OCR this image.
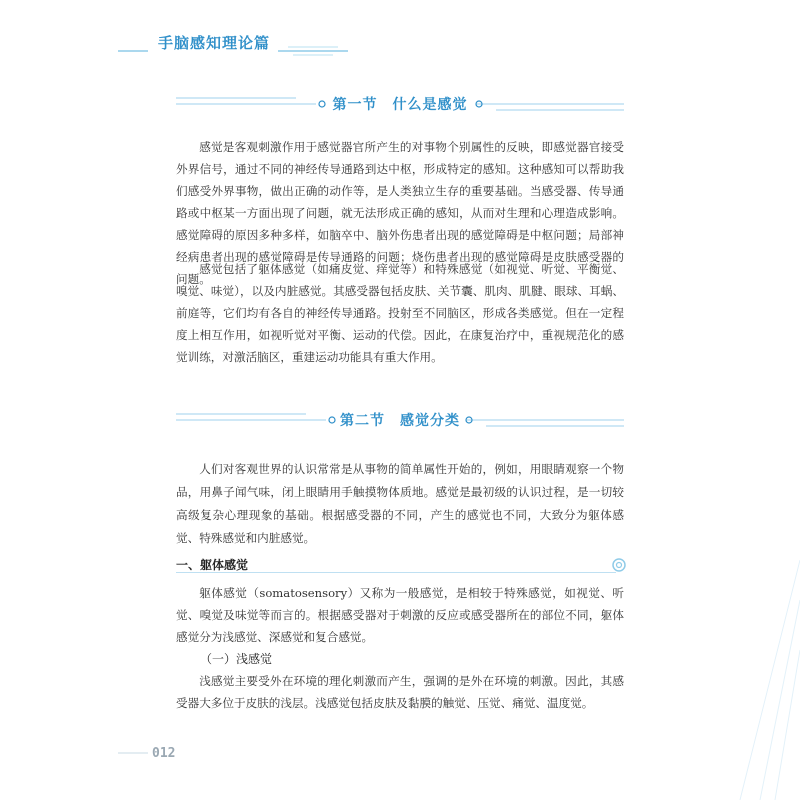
手脑感知理论篇
第一节　什么是感觉

感觉是客观刺激作用于感觉器官所产生的对事物个别属性的反映，即感觉器官接受外界信号，通过不同的神经传导通路到达中枢，形成特定的感知。这种感知可以帮助我们感受外界事物，做出正确的动作等，是人类独立生存的重要基础。当感受器、传导通路或中枢某一方面出现了问题，就无法形成正确的感知，从而对生理和心理造成影响。感觉障碍的原因多种多样，如脑卒中、脑外伤患者出现的感觉障碍是中枢问题；局部神经病患者出现的感觉障碍是传导通路的问题；烧伤患者出现的感觉障碍是皮肤感受器的问题。

感觉包括了躯体感觉（如痛皮觉、痒觉等）和特殊感觉（如视觉、听觉、平衡觉、嗅觉、味觉），以及内脏感觉。其感受器包括皮肤、关节囊、肌肉、肌腱、眼球、耳蜗、前庭等，它们均有各自的神经传导通路。投射至不同脑区，形成各类感觉。但在一定程度上相互作用，如视听觉对平衡、运动的代偿。因此，在康复治疗中，重视规范化的感觉训练，对激活脑区，重建运动功能具有重大作用。

第二节　感觉分类

人们对客观世界的认识常常是从事物的简单属性开始的，例如，用眼睛观察一个物品，用鼻子闻气味，闭上眼睛用手触摸物体质地。感觉是最初级的认识过程，是一切较高级复杂心理现象的基础。根据感受器的不同，产生的感觉也不同，大致分为躯体感觉、特殊感觉和内脏感觉。

一、躯体感觉

躯体感觉（somatosensory）又称为一般感觉，是相较于特殊感觉，如视觉、听觉、嗅觉及味觉等而言的。根据感受器对于刺激的反应或感受器所在的部位不同，躯体感觉分为浅感觉、深感觉和复合感觉。

（一）浅感觉

浅感觉主要受外在环境的理化刺激而产生，强调的是外在环境的刺激。因此，其感受器大多位于皮肤的浅层。浅感觉包括皮肤及黏膜的触觉、压觉、痛觉、温度觉。

012
